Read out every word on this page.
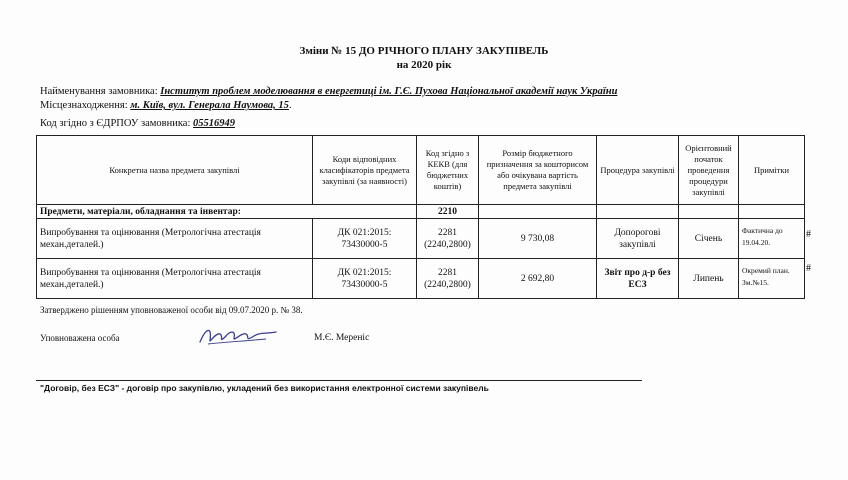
Зміни № 15 ДО РІЧНОГО ПЛАНУ ЗАКУПІВЕЛЬ
на 2020 рік
Найменування замовника: Інститут проблем моделювання в енергетиці ім. Г.Є. Пухова Національної академії наук України
Місцезнаходження: м. Київ, вул. Генерала Наумова, 15.
Код згідно з ЄДРПОУ замовника: 05516949
Конкретна назва предмета закупівлі	Коди відповідних класифікаторів предмета закупівлі (за наявності)	Код згідно з КЕКВ (для бюджетних коштів)	Розмір бюджетного призначення за кошторисом або очікувана вартість предмета закупівлі	Процедура закупівлі	Орієнтовний початок проведення процедури закупівлі	Примітки
Предмети, матеріали, обладнання та інвентар:		2210				
Випробування та оцінювання (Метрологічна атестація механ.деталей.)	ДК 021:2015: 73430000-5	2281 (2240,2800)	9 730,08	Допорогові закупівлі	Січень	Фактична до 19.04.20.
Випробування та оцінювання (Метрологічна атестація механ.деталей.)	ДК 021:2015: 73430000-5	2281 (2240,2800)	2 692,80	Звіт про д-р без ЕСЗ	Липень	Окремий план. Зм.№15.
#
#
Затверджено рішенням уповноваженої особи від 09.07.2020 р. № 38.
Уповноважена особа	М.Є. Мереніс
"Договір, без ЕСЗ" - договір про закупівлю, укладений без використання електронної системи закупівель
